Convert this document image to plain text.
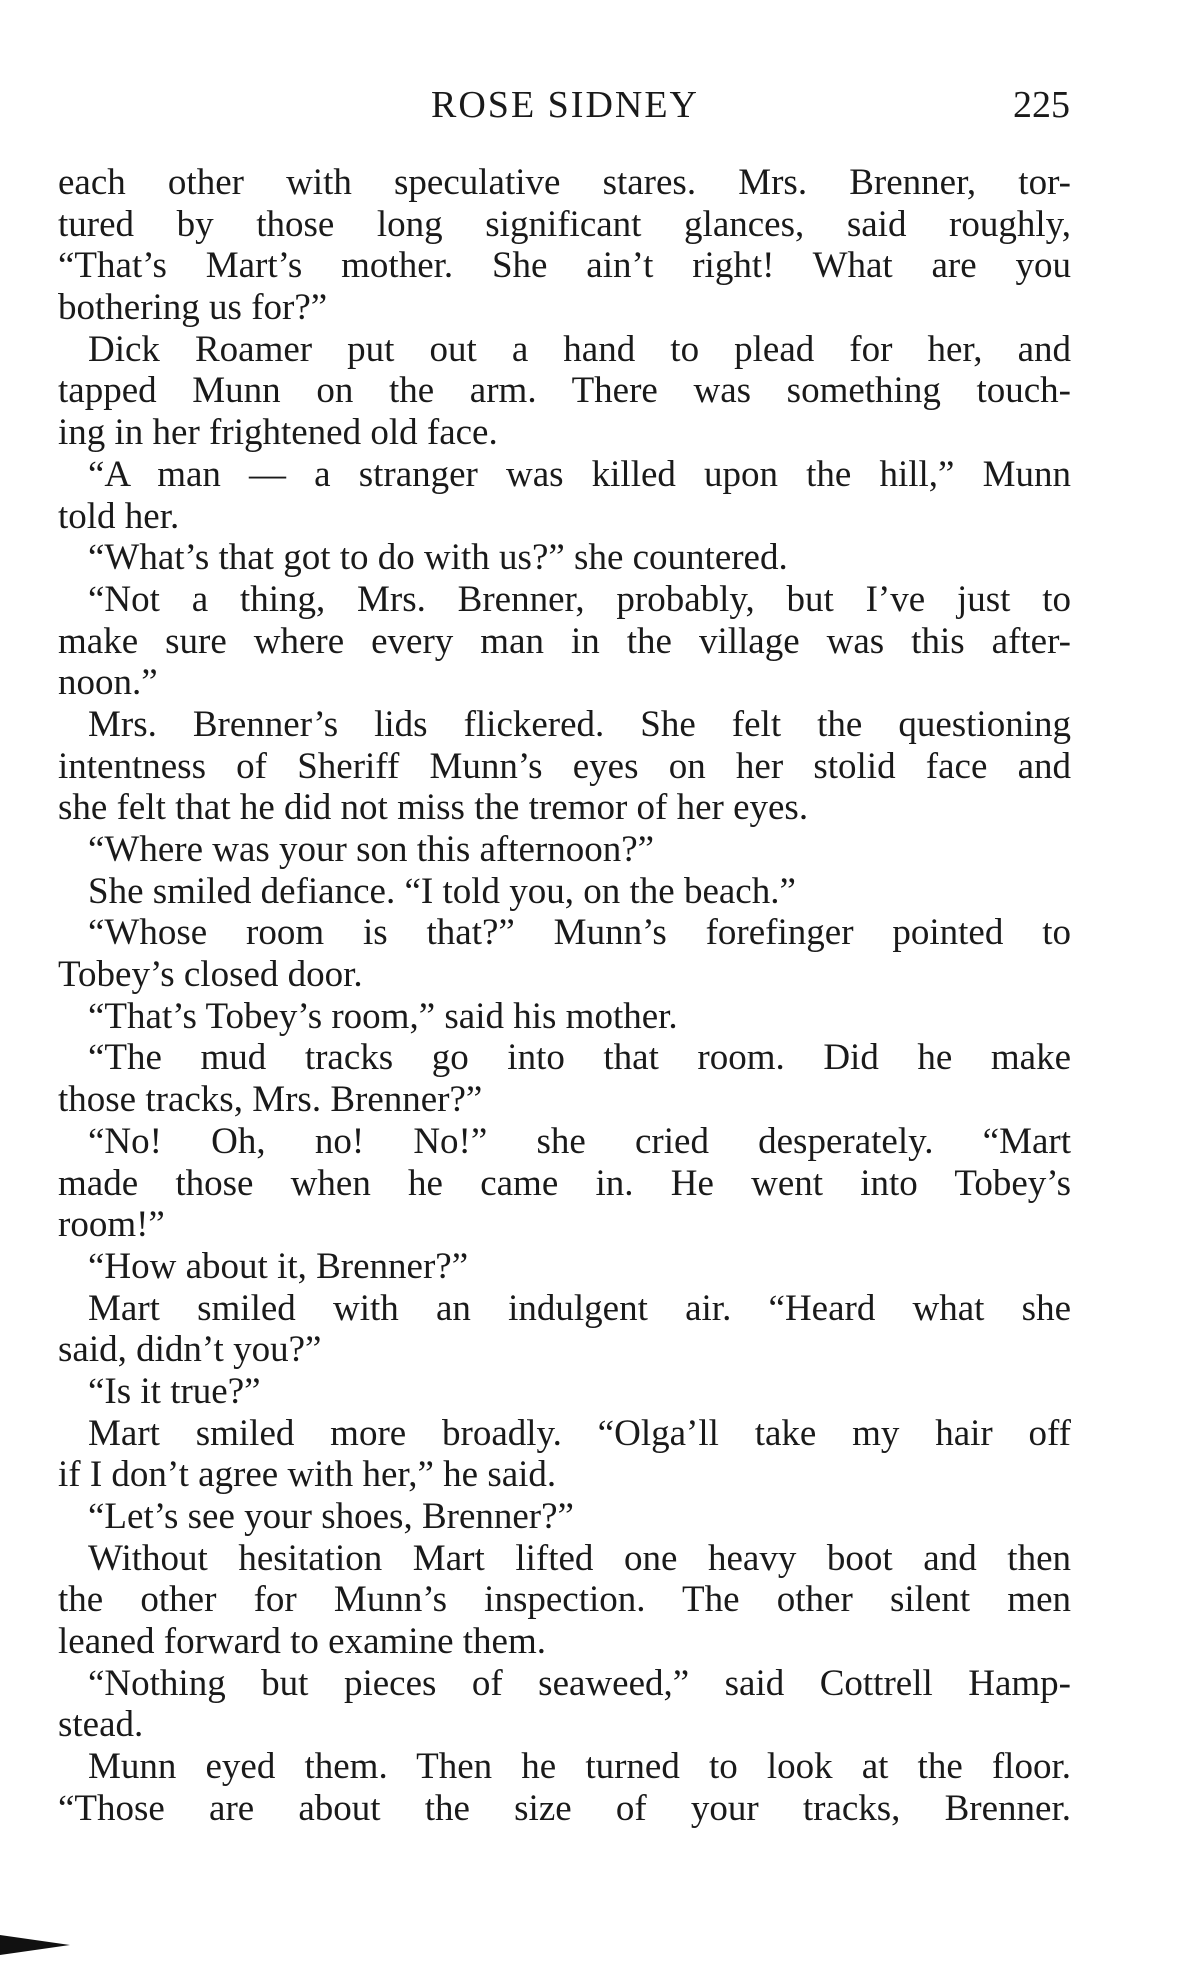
ROSE SIDNEY	225
each other with speculative stares. Mrs. Brenner, tor-
tured by those long significant glances, said roughly,
“That’s Mart’s mother. She ain’t right! What are you
bothering us for?”
Dick Roamer put out a hand to plead for her, and
tapped Munn on the arm. There was something touch-
ing in her frightened old face.
“A man — a stranger was killed upon the hill,” Munn
told her.
“What’s that got to do with us?” she countered.
“Not a thing, Mrs. Brenner, probably, but I’ve just to
make sure where every man in the village was this after-
noon.”
Mrs. Brenner’s lids flickered. She felt the questioning
intentness of Sheriff Munn’s eyes on her stolid face and
she felt that he did not miss the tremor of her eyes.
“Where was your son this afternoon?”
She smiled defiance. “I told you, on the beach.”
“Whose room is that?” Munn’s forefinger pointed to
Tobey’s closed door.
“That’s Tobey’s room,” said his mother.
“The mud tracks go into that room. Did he make
those tracks, Mrs. Brenner?”
“No! Oh, no! No!” she cried desperately. “Mart
made those when he came in. He went into Tobey’s
room!”
“How about it, Brenner?”
Mart smiled with an indulgent air. “Heard what she
said, didn’t you?”
“Is it true?”
Mart smiled more broadly. “Olga’ll take my hair off
if I don’t agree with her,” he said.
“Let’s see your shoes, Brenner?”
Without hesitation Mart lifted one heavy boot and then
the other for Munn’s inspection. The other silent men
leaned forward to examine them.
“Nothing but pieces of seaweed,” said Cottrell Hamp-
stead.
Munn eyed them. Then he turned to look at the floor.
“Those are about the size of your tracks, Brenner.
